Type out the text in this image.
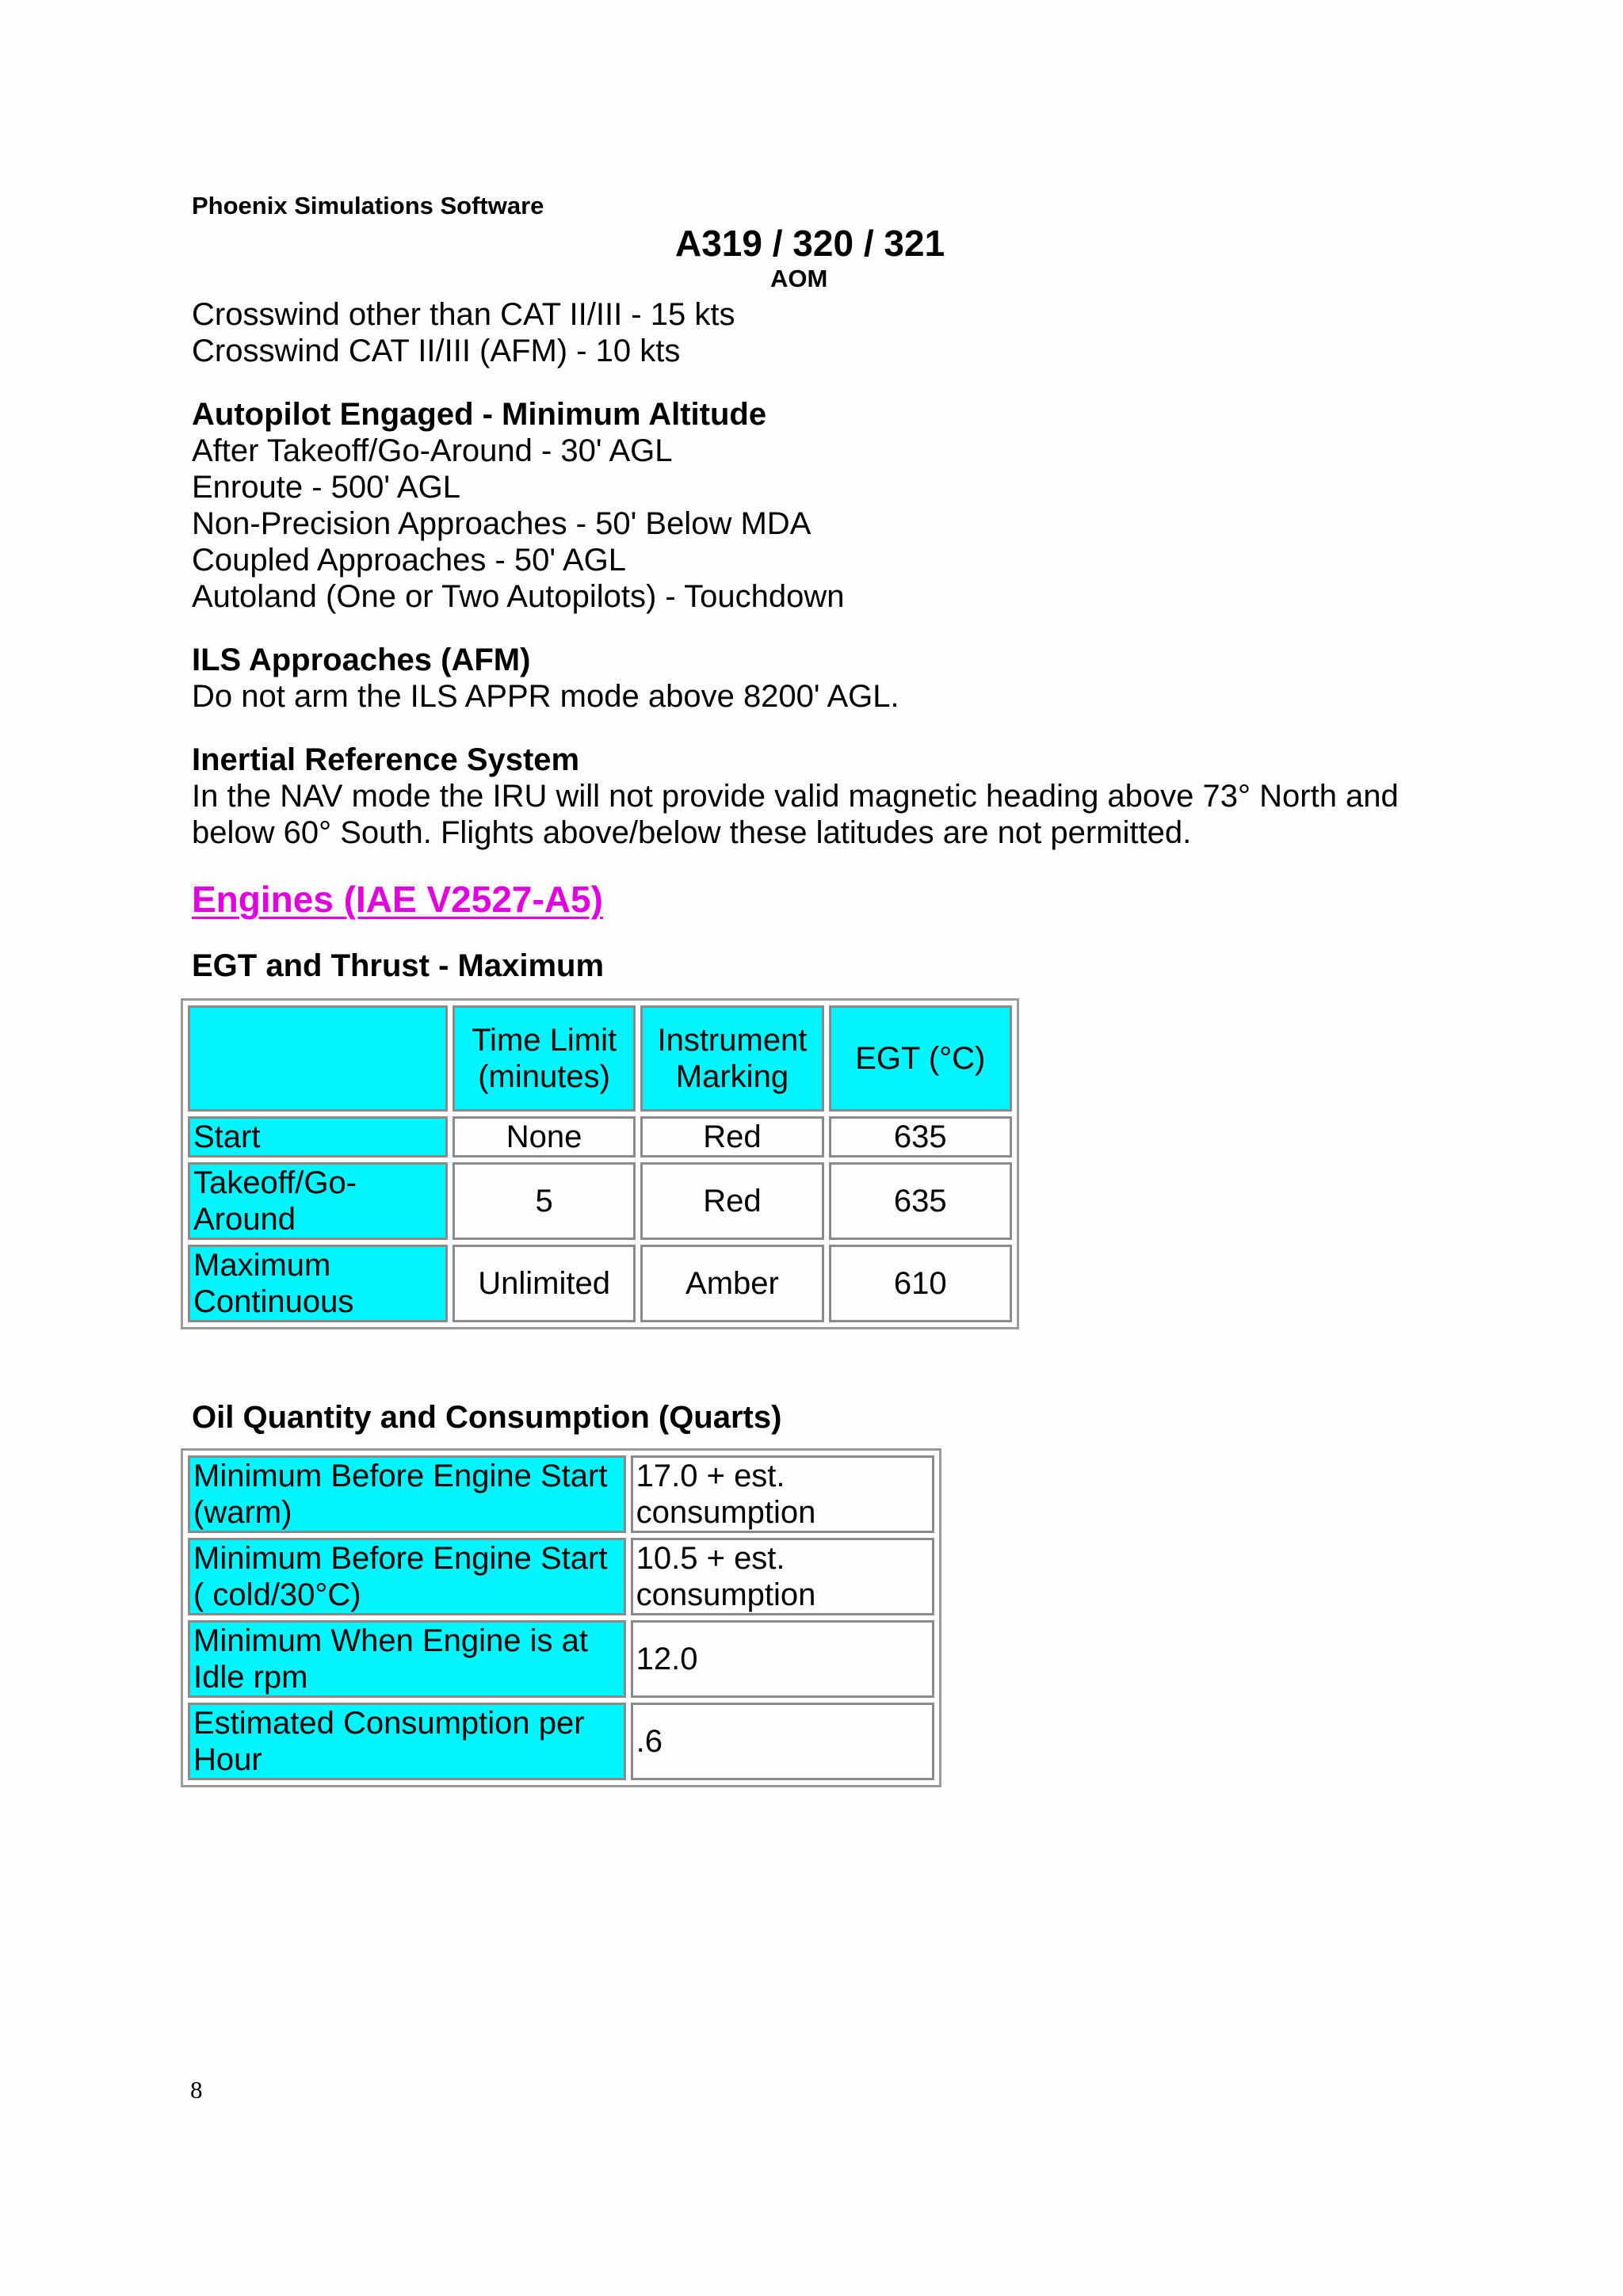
Phoenix Simulations Software
A319 / 320 / 321
AOM
Crosswind other than CAT II/III - 15 kts
Crosswind CAT II/III (AFM) - 10 kts
Autopilot Engaged - Minimum Altitude
After Takeoff/Go-Around - 30' AGL
Enroute - 500' AGL
Non-Precision Approaches - 50' Below MDA
Coupled Approaches - 50' AGL
Autoland (One or Two Autopilots) - Touchdown
ILS Approaches (AFM)
Do not arm the ILS APPR mode above 8200' AGL.
Inertial Reference System
In the NAV mode the IRU will not provide valid magnetic heading above 73° North and
below 60° South. Flights above/below these latitudes are not permitted.
Engines (IAE V2527-A5)
EGT and Thrust - Maximum
	Time Limit (minutes)	Instrument Marking	EGT (°C)
Start	None	Red	635
Takeoff/Go-Around	5	Red	635
Maximum Continuous	Unlimited	Amber	610
Oil Quantity and Consumption (Quarts)
Minimum Before Engine Start (warm)	17.0 + est. consumption
Minimum Before Engine Start ( cold/30°C)	10.5 + est. consumption
Minimum When Engine is at Idle rpm	12.0
Estimated Consumption per Hour	.6
8
